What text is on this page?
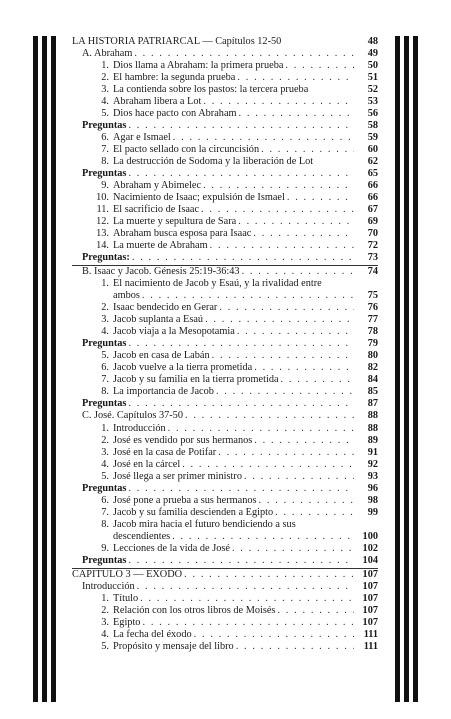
LA HISTORIA PATRIARCAL — Capítulos 12-50	48
A. Abraham . . .	49
1. Dios llama a Abraham: la primera prueba . . .	50
2. El hambre: la segunda prueba . . .	51
3. La contienda sobre los pastos: la tercera prueba	52
4. Abraham libera a Lot . . .	53
5. Dios hace pacto con Abraham . . .	56
Preguntas . . .	58
6. Agar e Ismael . . .	59
7. El pacto sellado con la circuncisión . . .	60
8. La destrucción de Sodoma y la liberación de Lot	62
Preguntas . . .	65
9. Abraham y Abimelec . . .	66
10. Nacimiento de Isaac; expulsión de Ismael . . .	66
11. El sacrificio de Isaac . . .	67
12. La muerte y sepultura de Sara . . .	69
13. Abraham busca esposa para Isaac . . .	70
14. La muerte de Abraham . . .	72
Preguntas: . . .	73
B. Isaac y Jacob. Génesis 25:19-36:43 . . .	74
1. El nacimiento de Jacob y Esaú, y la rivalidad entre
ambos . . .	75
2. Isaac bendecido en Gerar . . .	76
3. Jacob suplanta a Esaú . . .	77
4. Jacob viaja a la Mesopotamia . . .	78
Preguntas . . .	79
5. Jacob en casa de Labán . . .	80
6. Jacob vuelve a la tierra prometida . . .	82
7. Jacob y su familia en la tierra prometida . . .	84
8. La importancia de Jacob . . .	85
Preguntas . . .	87
C. José. Capítulos 37-50 . . .	88
1. Introducción . . .	88
2. José es vendido por sus hermanos . . .	89
3. José en la casa de Potifar . . .	91
4. José en la cárcel . . .	92
5. José llega a ser primer ministro . . .	93
Preguntas . . .	96
6. José pone a prueba a sus hermanos . . .	98
7. Jacob y su familia descienden a Egipto . . .	99
8. Jacob mira hacia el futuro bendiciendo a sus
descendientes . . .	100
9. Lecciones de la vida de José . . .	102
Preguntas . . .	104
CAPITULO 3 — EXODO . . .	107
Introducción . . .	107
1. Título . . .	107
2. Relación con los otros libros de Moisés . . .	107
3. Egipto . . .	107
4. La fecha del éxodo . . .	111
5. Propósito y mensaje del libro . . .	111
